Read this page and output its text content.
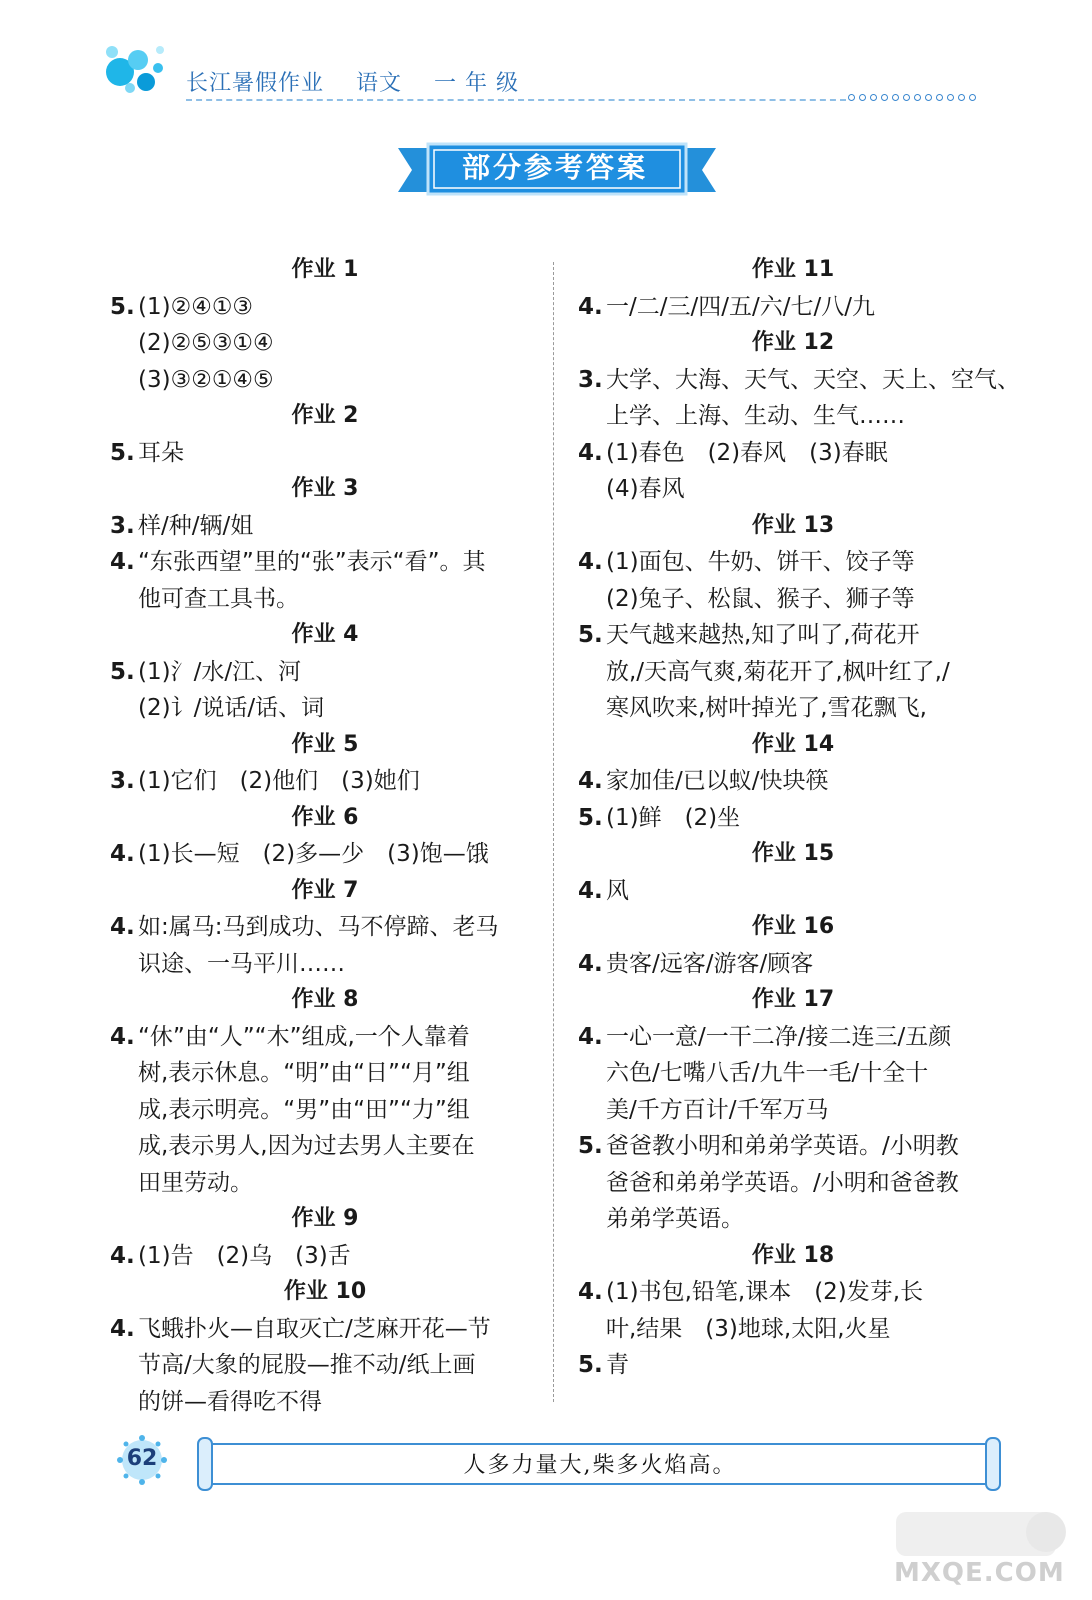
长江暑假作业 语文 一 年 级
部分参考答案
作业 1
5. (1)②④①③
(2)②⑤③①④
(3)③②①④⑤
作业 2
5. 耳朵
作业 3
3. 样/种/辆/姐
4. “东张西望”里的“张”表示“看”。其
他可查工具书。
作业 4
5. (1)氵/水/江、河
(2)讠/说话/话、词
作业 5
3. (1)它们　(2)他们　(3)她们
作业 6
4. (1)长—短　(2)多—少　(3)饱—饿
作业 7
4. 如:属马:马到成功、马不停蹄、老马
识途、一马平川……
作业 8
4. “休”由“人”“木”组成,一个人靠着
树,表示休息。“明”由“日”“月”组
成,表示明亮。“男”由“田”“力”组
成,表示男人,因为过去男人主要在
田里劳动。
作业 9
4. (1)告　(2)乌　(3)舌
作业 10
4. 飞蛾扑火—自取灭亡/芝麻开花—节
节高/大象的屁股—推不动/纸上画
的饼—看得吃不得
作业 11
4. 一/二/三/四/五/六/七/八/九
作业 12
3. 大学、大海、天气、天空、天上、空气、
上学、上海、生动、生气……
4. (1)春色　(2)春风　(3)春眠
(4)春风
作业 13
4. (1)面包、牛奶、饼干、饺子等
(2)兔子、松鼠、猴子、狮子等
5. 天气越来越热,知了叫了,荷花开
放,/天高气爽,菊花开了,枫叶红了,/
寒风吹来,树叶掉光了,雪花飘飞,
作业 14
4. 家加佳/已以蚁/快块筷
5. (1)鲜　(2)坐
作业 15
4. 风
作业 16
4. 贵客/远客/游客/顾客
作业 17
4. 一心一意/一干二净/接二连三/五颜
六色/七嘴八舌/九牛一毛/十全十
美/千方百计/千军万马
5. 爸爸教小明和弟弟学英语。/小明教
爸爸和弟弟学英语。/小明和爸爸教
弟弟学英语。
作业 18
4. (1)书包,铅笔,课本　(2)发芽,长
叶,结果　(3)地球,太阳,火星
5. 青
62	人多力量大,柴多火焰高。
MXQE.COM
